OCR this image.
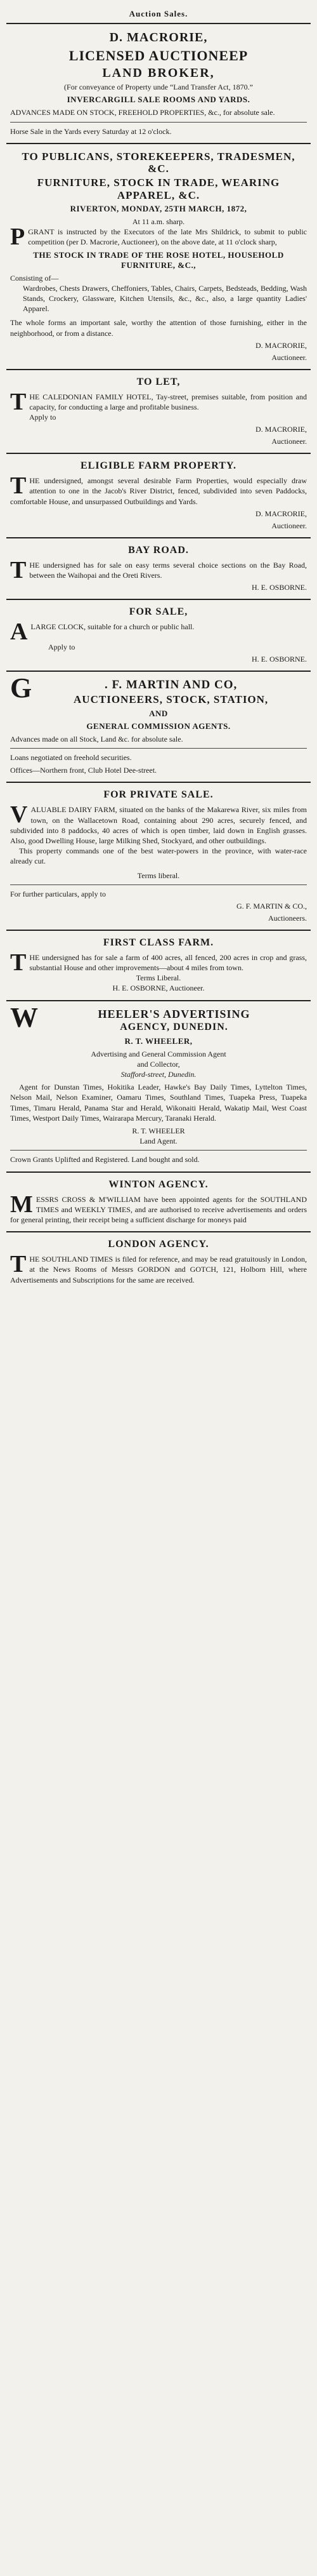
Auction Sales.
D. MACRORIE,
LICENSED AUCTIONEEP
LAND BROKER,
(For conveyance of Property unde “Land Transfer Act, 1870.”
INVERCARGILL SALE ROOMS AND YARDS.
ADVANCES MADE ON STOCK, FREEHOLD PROPERTIES, &c., for absolute sale.
Horse Sale in the Yards every Saturday at 12 o'clock.
TO PUBLICANS, STOREKEEPERS, TRADESMEN, &C.
FURNITURE, STOCK IN TRADE, WEARING APPAREL, &C.
RIVERTON, MONDAY, 25TH MARCH, 1872,
At 11 a.m. sharp.
PGRANT is instructed by the Executors of the late Mrs Shildrick, to submit to public competition (per D. Macrorie, Auctioneer), on the above date, at 11 o'clock sharp,
THE STOCK IN TRADE OF THE ROSE HOTEL, HOUSEHOLD FURNITURE, &C.,
Consisting of—
Wardrobes, Chests Drawers, Cheffoniers, Tables, Chairs, Carpets, Bedsteads, Bedding, Wash Stands, Crockery, Glassware, Kitchen Utensils, &c., &c., also, a large quantity Ladies' Apparel.
The whole forms an important sale, worthy the attention of those furnishing, either in the neighborhood, or from a distance.
D. MACRORIE,
Auctioneer.
TO LET,
THE CALEDONIAN FAMILY HOTEL, Tay-street, premises suitable, from position and capacity, for conducting a large and profitable business.
Apply to
D. MACRORIE,
Auctioneer.
ELIGIBLE FARM PROPERTY.
THE undersigned, amongst several desirable Farm Properties, would especially draw attention to one in the Jacob's River District, fenced, subdivided into seven Paddocks, comfortable House, and unsurpassed Outbuildings and Yards.
D. MACRORIE,
Auctioneer.
BAY ROAD.
THE undersigned has for sale on easy terms several choice sections on the Bay Road, between the Waihopai and the Oreti Rivers.
H. E. OSBORNE.
FOR SALE,
ALARGE CLOCK, suitable for a church or public hall.
Apply to
H. E. OSBORNE.
G	. F. MARTIN AND CO,
AUCTIONEERS, STOCK, STATION,
AND
GENERAL COMMISSION AGENTS.
Advances made on all Stock, Land &c. for absolute sale.
Loans negotiated on freehold securities.
Offices—Northern front, Club Hotel Dee-street.
FOR PRIVATE SALE.
VALUABLE DAIRY FARM, situated on the banks of the Makarewa River, six miles from town, on the Wallacetown Road, containing about 290 acres, securely fenced, and subdivided into 8 paddocks, 40 acres of which is open timber, laid down in English grasses. Also, good Dwelling House, large Milking Shed, Stockyard, and other outbuildings.
This property commands one of the best water-powers in the province, with water-race already cut.
Terms liberal.
For further particulars, apply to
G. F. MARTIN & CO.,
Auctioneers.
FIRST CLASS FARM.
THE undersigned has for sale a farm of 400 acres, all fenced, 200 acres in crop and grass, substantial House and other improvements—about 4 miles from town.
Terms Liberal.
H. E. OSBORNE, Auctioneer.
W	HEELER'S ADVERTISING
AGENCY, DUNEDIN.
R. T. WHEELER,
Advertising and General Commission Agent
and Collector,
Stafford-street, Dunedin.
Agent for Dunstan Times, Hokitika Leader, Hawke's Bay Daily Times, Lyttelton Times, Nelson Mail, Nelson Examiner, Oamaru Times, Southland Times, Tuapeka Press, Tuapeka Times, Timaru Herald, Panama Star and Herald, Wikonaiti Herald, Wakatip Mail, West Coast Times, Westport Daily Times, Wairarapa Mercury, Taranaki Herald.
R. T. WHEELER
Land Agent.
Crown Grants Uplifted and Registered. Land bought and sold.
WINTON AGENCY.
MESSRS CROSS & M'WILLIAM have been appointed agents for the SOUTHLAND TIMES and WEEKLY TIMES, and are authorised to receive advertisements and orders for general printing, their receipt being a sufficient discharge for moneys paid
LONDON AGENCY.
THE SOUTHLAND TIMES is filed for reference, and may be read gratuitously in London, at the News Rooms of Messrs GORDON and GOTCH, 121, Holborn Hill, where Advertisements and Subscriptions for the same are received.
